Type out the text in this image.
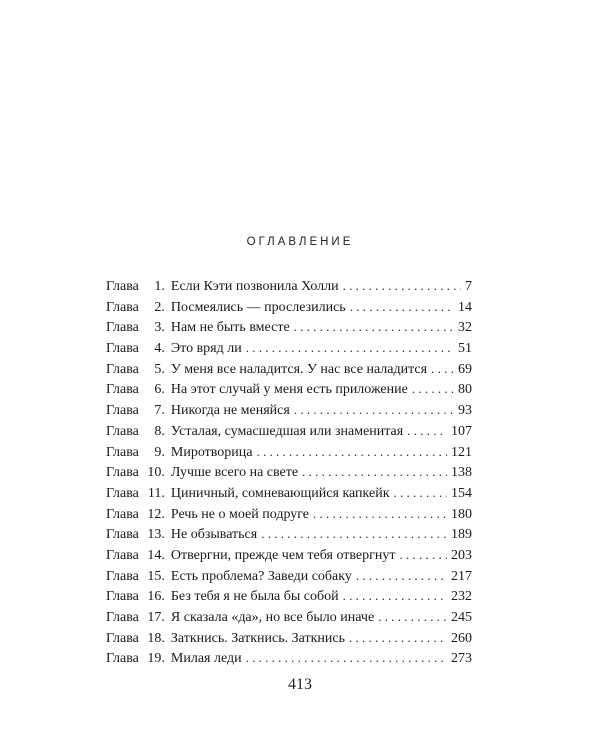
ОГЛАВЛЕНИЕ
Глава	1. Если Кэти позвонила Холли . . .	7
Глава	2. Посмеялись — прослезились . . .	14
Глава	3. Нам не быть вместе . . .	32
Глава	4. Это вряд ли . . .	51
Глава	5. У меня все наладится. У нас все наладится . . . 69
Глава	6. На этот случай у меня есть приложение . . .	80
Глава	7. Никогда не меняйся . . .	93
Глава	8. Усталая, сумасшедшая или знаменитая . . .	107
Глава	9. Миротворица . . .	121
Глава 10. Лучше всего на свете . . .	138
Глава 11. Циничный, сомневающийся капкейк . . .	154
Глава 12. Речь не о моей подруге . . .	180
Глава 13. Не обзываться . . .	189
Глава 14. Отвергни, прежде чем тебя отвергнут . . .	203
Глава 15. Есть проблема? Заведи собаку . . .	217
Глава 16. Без тебя я не была бы собой . . .	232
Глава 17. Я сказала «да», но все было иначе . . .	245
Глава 18. Заткнись. Заткнись. Заткнись . . .	260
Глава 19. Милая леди . . .	273
413
